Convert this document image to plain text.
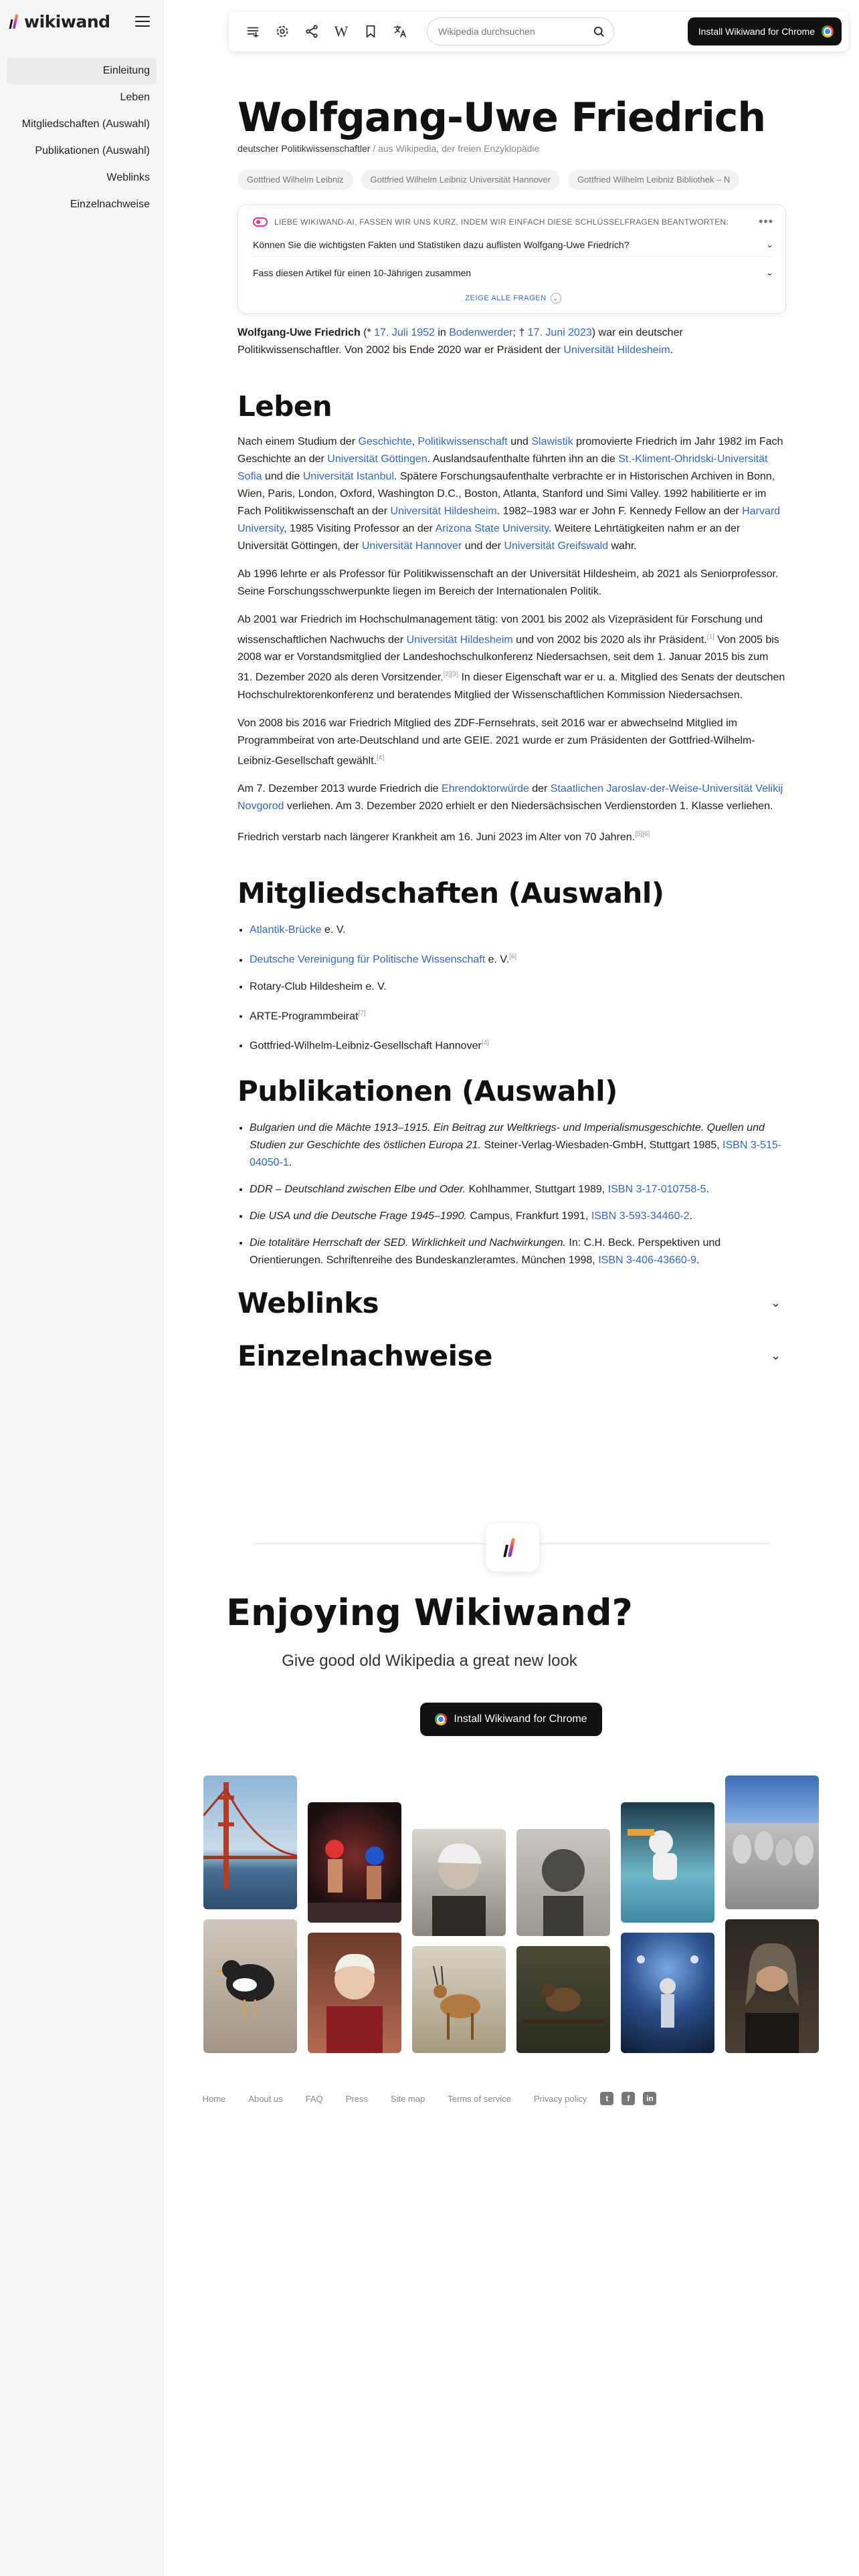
wikiwand
Einleitung
Leben
Mitgliedschaften (Auswahl)
Publikationen (Auswahl)
Weblinks
Einzelnachweise
W
Wikipedia durchsuchen	Install Wikiwand for Chrome
Wolfgang-Uwe Friedrich
deutscher Politikwissenschaftler / aus Wikipedia, der freien Enzyklopädie
Gottfried Wilhelm Leibniz	Gottfried Wilhelm Leibniz Universität Hannover	Gottfried Wilhelm Leibniz Bibliothek – N
LIEBE WIKIWAND-AI, FASSEN WIR UNS KURZ, INDEM WIR EINFACH DIESE SCHLÜSSELFRAGEN BEANTWORTEN:	•••
Können Sie die wichtigsten Fakten und Statistiken dazu auflisten Wolfgang-Uwe Friedrich?	⌄
Fass diesen Artikel für einen 10-Jährigen zusammen	⌄
ZEIGE ALLE FRAGEN ⌄

Wolfgang-Uwe Friedrich (* 17. Juli 1952 in Bodenwerder; † 17. Juni 2023) war ein deutscher Politikwissenschaftler. Von 2002 bis Ende 2020 war er Präsident der Universität Hildesheim.

Leben

Nach einem Studium der Geschichte, Politikwissenschaft und Slawistik promovierte Friedrich im Jahr 1982 im Fach Geschichte an der Universität Göttingen. Auslandsaufenthalte führten ihn an die St.-Kliment-Ohridski-Universität Sofia und die Universität Istanbul. Spätere Forschungsaufenthalte verbrachte er in Historischen Archiven in Bonn, Wien, Paris, London, Oxford, Washington D.C., Boston, Atlanta, Stanford und Simi Valley. 1992 habilitierte er im Fach Politikwissenschaft an der Universität Hildesheim. 1982–1983 war er John F. Kennedy Fellow an der Harvard University, 1985 Visiting Professor an der Arizona State University. Weitere Lehrtätigkeiten nahm er an der Universität Göttingen, der Universität Hannover und der Universität Greifswald wahr.

Ab 1996 lehrte er als Professor für Politikwissenschaft an der Universität Hildesheim, ab 2021 als Seniorprofessor. Seine Forschungsschwerpunkte liegen im Bereich der Internationalen Politik.

Ab 2001 war Friedrich im Hochschulmanagement tätig: von 2001 bis 2002 als Vizepräsident für Forschung und wissenschaftlichen Nachwuchs der Universität Hildesheim und von 2002 bis 2020 als ihr Präsident.[1] Von 2005 bis 2008 war er Vorstandsmitglied der Landeshochschulkonferenz Niedersachsen, seit dem 1. Januar 2015 bis zum 31. Dezember 2020 als deren Vorsitzender.[2][3] In dieser Eigenschaft war er u. a. Mitglied des Senats der deutschen Hochschulrektorenkonferenz und beratendes Mitglied der Wissenschaftlichen Kommission Niedersachsen.

Von 2008 bis 2016 war Friedrich Mitglied des ZDF-Fernsehrats, seit 2016 war er abwechselnd Mitglied im Programmbeirat von arte-Deutschland und arte GEIE. 2021 wurde er zum Präsidenten der Gottfried-Wilhelm-Leibniz-Gesellschaft gewählt.[4]

Am 7. Dezember 2013 wurde Friedrich die Ehrendoktorwürde der Staatlichen Jaroslav-der-Weise-Universität Velikij Novgorod verliehen. Am 3. Dezember 2020 erhielt er den Niedersächsischen Verdienstorden 1. Klasse verliehen.

Friedrich verstarb nach längerer Krankheit am 16. Juni 2023 im Alter von 70 Jahren.[5][6]

Mitgliedschaften (Auswahl)
• Atlantik-Brücke e. V.
• Deutsche Vereinigung für Politische Wissenschaft e. V.[6]
• Rotary-Club Hildesheim e. V.
• ARTE-Programmbeirat[7]
• Gottfried-Wilhelm-Leibniz-Gesellschaft Hannover[4]
Publikationen (Auswahl)
• Bulgarien und die Mächte 1913–1915. Ein Beitrag zur Weltkriegs- und Imperialismusgeschichte. Quellen und Studien zur Geschichte des östlichen Europa 21. Steiner-Verlag-Wiesbaden-GmbH, Stuttgart 1985, ISBN 3-515-04050-1.
• DDR – Deutschland zwischen Elbe und Oder. Kohlhammer, Stuttgart 1989, ISBN 3-17-010758-5.
• Die USA und die Deutsche Frage 1945–1990. Campus, Frankfurt 1991, ISBN 3-593-34460-2.
• Die totalitäre Herrschaft der SED. Wirklichkeit und Nachwirkungen. In: C.H. Beck. Perspektiven und Orientierungen. Schriftenreihe des Bundeskanzleramtes. München 1998, ISBN 3-406-43660-9.
Weblinks	⌄
Einzelnachweise	⌄
Enjoying Wikiwand?
Give good old Wikipedia a great new look
Install Wikiwand for Chrome
Home	About us	FAQ	Press	Site map	Terms of service	Privacy policy	t	f	in
